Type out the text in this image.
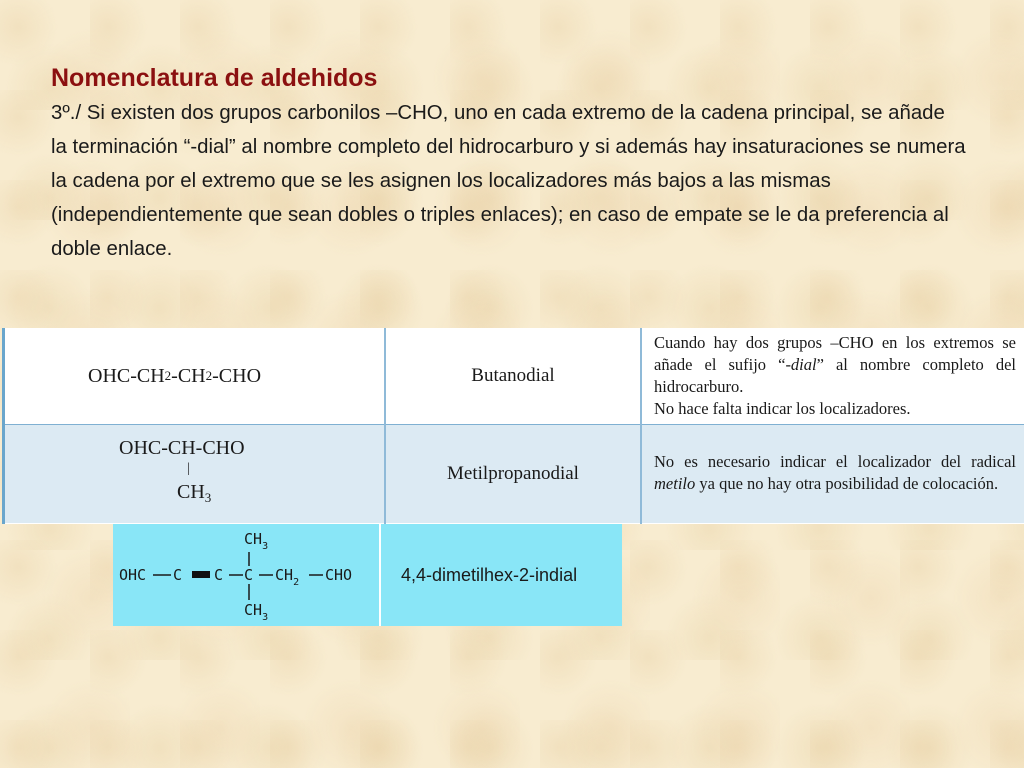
Nomenclatura de aldehidos
3º./ Si existen dos grupos carbonilos –CHO, uno en cada extremo de la cadena principal, se añade la terminación “-dial” al nombre completo del hidrocarburo y si además hay insaturaciones se numera la cadena por el extremo que se les asignen los localizadores más bajos a las mismas (independientemente que sean dobles o triples enlaces); en caso de empate se le da preferencia al doble enlace.
OHC-CH 2 -CH 2 -CHO	Butanodial

Cuando hay dos grupos –CHO en los extremos se añade el sufijo “-dial” al nombre completo del hidrocarburo.

No hace falta indicar los localizadores.

OHC-CH-CHO
|
$CH_3$
Metilpropanodial

No es necesario indicar el localizador del radical metilo ya que no hay otra posibilidad de colocación.

OHC C C C $CH_2$ CHO
$CH_3$
$CH_3$
4,4-dimetilhex-2-indial
